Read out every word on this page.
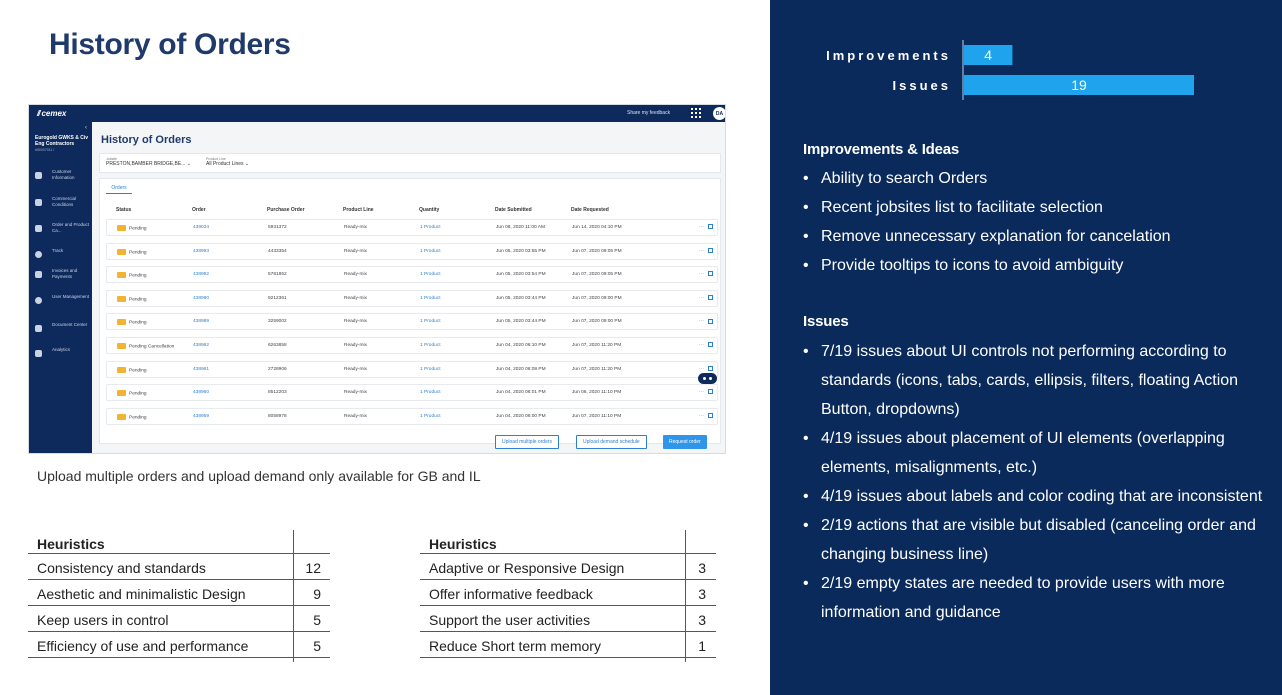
History of Orders
// cemex	Share my feedback	DA
‹
Eurogold GWKS & Civ Eng Contractors
#50007911 /
Customer Information
Commercial Conditions
Order and Product Ca...
Track
Invoices and Payments
User Management
Document Center
Analytics
History of Orders
Jobsite
PRESTON,BAMBER BRIDGE,BE... ⌄
Product Line
All Product Lines ⌄
Orders
Status	Order	Purchase Order	Product Line	Quantity	Date Submitted	Date Requested
Pending	439034	5931372	Ready-mix	1 Product	Jun 08, 2020 11:00 AM	Jun 14, 2020 04:10 PM	···
Pending	438993	4433354	Ready-mix	1 Product	Jun 05, 2020 03:55 PM	Jun 07, 2020 09:05 PM	···
Pending	438992	5781852	Ready-mix	1 Product	Jun 05, 2020 03:54 PM	Jun 07, 2020 09:05 PM	···
Pending	438990	9212361	Ready-mix	1 Product	Jun 05, 2020 03:44 PM	Jun 07, 2020 09:00 PM	···
Pending	438989	3259002	Ready-mix	1 Product	Jun 05, 2020 03:44 PM	Jun 07, 2020 09:00 PM	···
Pending Cancellation	438962	6263858	Ready-mix	1 Product	Jun 04, 2020 06:10 PM	Jun 07, 2020 11:20 PM	···
Pending	438961	2728906	Ready-mix	1 Product	Jun 04, 2020 06:08 PM	Jun 07, 2020 11:20 PM	···
Pending	438960	8512203	Ready-mix	1 Product	Jun 04, 2020 06:01 PM	Jun 06, 2020 11:10 PM	···
Pending	438959	8058978	Ready-mix	1 Product	Jun 04, 2020 06:00 PM	Jun 07, 2020 11:10 PM	···
Upload multiple orders	Upload demand schedule	Request order
Upload multiple orders and upload demand only available for GB and IL
Heuristics
Consistency and standards	12
Aesthetic and minimalistic Design	9
Keep users in control	5
Efficiency of use and performance	5
Heuristics
Adaptive or Responsive Design	3
Offer informative feedback	3
Support the user activities	3
Reduce Short term memory	1
Improvements 4
Issues	19
Improvements & Ideas
• Ability to search Orders
• Recent jobsites list to facilitate selection
• Remove unnecessary explanation for cancelation
• Provide tooltips to icons to avoid ambiguity
Issues
• 7/19 issues about UI controls not performing according to standards (icons, tabs, cards, ellipsis, filters, floating Action Button, dropdowns)
• 4/19 issues about placement of UI elements (overlapping elements, misalignments, etc.)
• 4/19 issues about labels and color coding that are inconsistent
• 2/19 actions that are visible but disabled (canceling order and changing business line)
• 2/19 empty states are needed to provide users with more information and guidance
